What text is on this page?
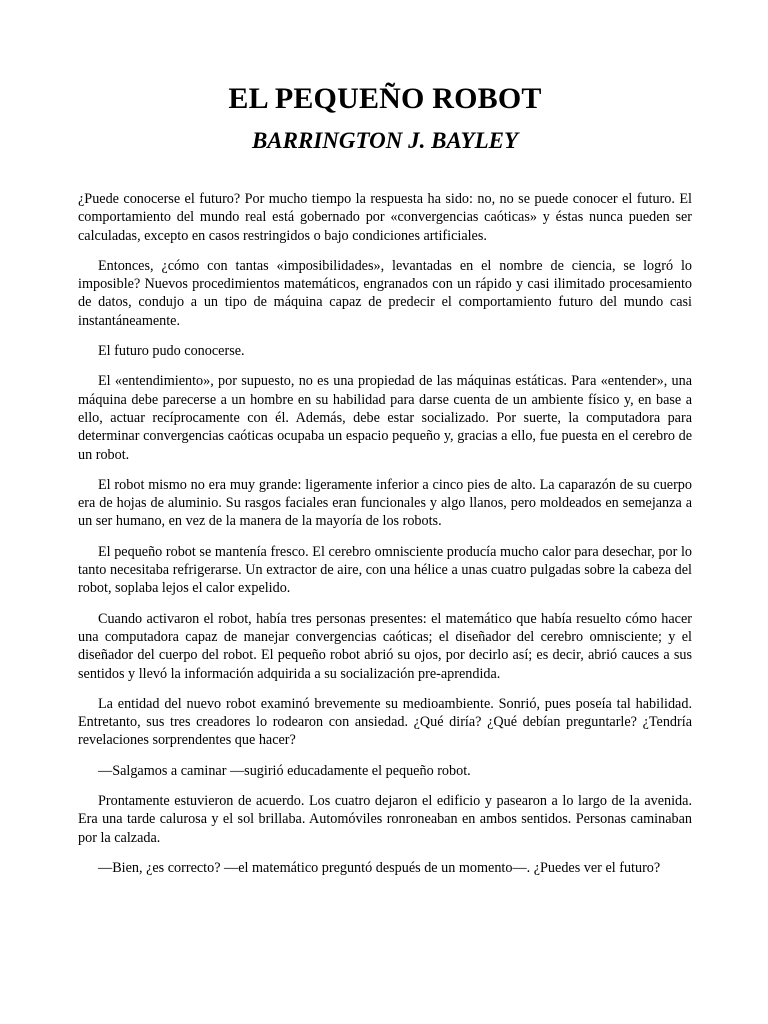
EL PEQUEÑO ROBOT
BARRINGTON J. BAYLEY

¿Puede conocerse el futuro? Por mucho tiempo la respuesta ha sido: no, no se puede conocer el futuro. El comportamiento del mundo real está gobernado por «convergencias caóticas» y éstas nunca pueden ser calculadas, excepto en casos restringidos o bajo condiciones artificiales.

Entonces, ¿cómo con tantas «imposibilidades», levantadas en el nombre de ciencia, se logró lo imposible? Nuevos procedimientos matemáticos, engranados con un rápido y casi ilimitado procesamiento de datos, condujo a un tipo de máquina capaz de predecir el comportamiento futuro del mundo casi instantáneamente.

El futuro pudo conocerse.

El «entendimiento», por supuesto, no es una propiedad de las máquinas estáticas. Para «entender», una máquina debe parecerse a un hombre en su habilidad para darse cuenta de un ambiente físico y, en base a ello, actuar recíprocamente con él. Además, debe estar socializado. Por suerte, la computadora para determinar convergencias caóticas ocupaba un espacio pequeño y, gracias a ello, fue puesta en el cerebro de un robot.

El robot mismo no era muy grande: ligeramente inferior a cinco pies de alto. La caparazón de su cuerpo era de hojas de aluminio. Su rasgos faciales eran funcionales y algo llanos, pero moldeados en semejanza a un ser humano, en vez de la manera de la mayoría de los robots.

El pequeño robot se mantenía fresco. El cerebro omnisciente producía mucho calor para desechar, por lo tanto necesitaba refrigerarse. Un extractor de aire, con una hélice a unas cuatro pulgadas sobre la cabeza del robot, soplaba lejos el calor expelido.

Cuando activaron el robot, había tres personas presentes: el matemático que había resuelto cómo hacer una computadora capaz de manejar convergencias caóticas; el diseñador del cerebro omnisciente; y el diseñador del cuerpo del robot. El pequeño robot abrió su ojos, por decirlo así; es decir, abrió cauces a sus sentidos y llevó la información adquirida a su socialización pre-aprendida.

La entidad del nuevo robot examinó brevemente su medioambiente. Sonrió, pues poseía tal habilidad. Entretanto, sus tres creadores lo rodearon con ansiedad. ¿Qué diría? ¿Qué debían preguntarle? ¿Tendría revelaciones sorprendentes que hacer?

—Salgamos a caminar —sugirió educadamente el pequeño robot.

Prontamente estuvieron de acuerdo. Los cuatro dejaron el edificio y pasearon a lo largo de la avenida. Era una tarde calurosa y el sol brillaba. Automóviles ronroneaban en ambos sentidos. Personas caminaban por la calzada.

—Bien, ¿es correcto? —el matemático preguntó después de un momento—. ¿Puedes ver el futuro?
